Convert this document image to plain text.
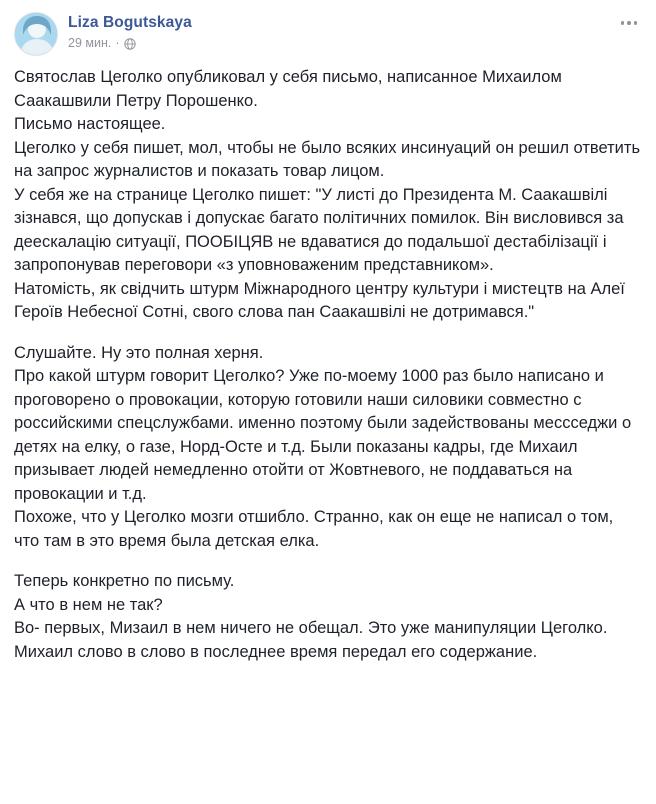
Liza Bogutskaya
29 мин. ·

Святослав Цеголко опубликовал у себя письмо, написанное Михаилом Саакашвили Петру Порошенко.

Письмо настоящее.

Цеголко у себя пишет, мол, чтобы не было всяких инсинуаций он решил ответить на запрос журналистов и показать товар лицом.

У себя же на странице Цеголко пишет: "У листі до Президента М. Саакашвілі зізнався, що допускав і допускає багато політичних помилок. Він висловився за деескалацію ситуації, ПООБІЦЯВ не вдаватися до подальшої дестабілізації і запропонував переговори «з уповноваженим представником».

Натомість, як свідчить штурм Міжнародного центру культури і мистецтв на Алеї Героїв Небесної Сотні, свого слова пан Саакашвілі не дотримався."

Слушайте. Ну это полная херня.

Про какой штурм говорит Цеголко? Уже по-моему 1000 раз было написано и проговорено о провокации, которую готовили наши силовики совместно с российскими спецслужбами. именно поэтому были задействованы мессседжи о детях на елку, о газе, Норд-Осте и т.д. Были показаны кадры, где Михаил призывает людей немедленно отойти от Жовтневого, не поддаваться на провокации и т.д.

Похоже, что у Цеголко мозги отшибло. Странно, как он еще не написал о том, что там в это время была детская елка.

Теперь конкретно по письму.

А что в нем не так?

Во- первых, Мизаил в нем ничего не обещал. Это уже манипуляции Цеголко.

Михаил слово в слово в последнее время передал его содержание.
